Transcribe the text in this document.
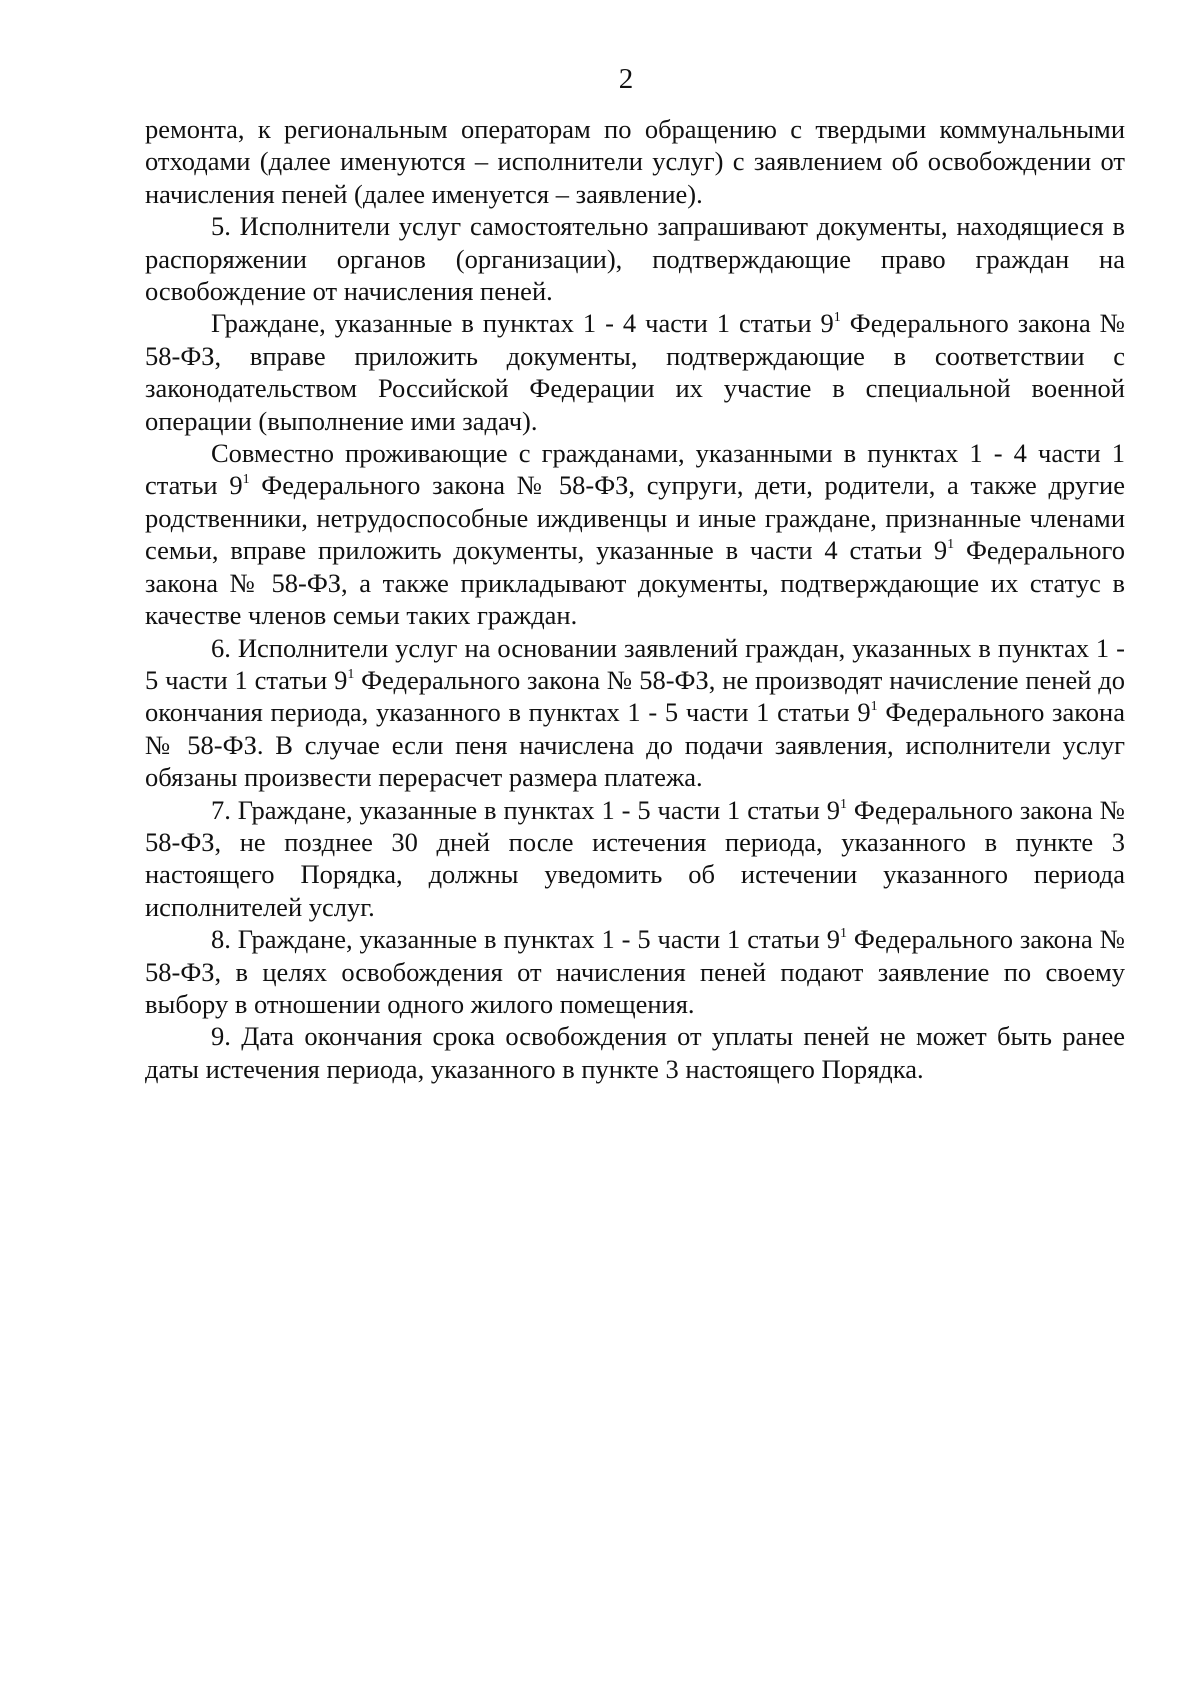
2

ремонта, к региональным операторам по обращению с твердыми коммунальными отходами (далее именуются – исполнители услуг) с заявлением об освобождении от начисления пеней (далее именуется – заявление).

5. Исполнители услуг самостоятельно запрашивают документы, находящиеся в распоряжении органов (организации), подтверждающие право граждан на освобождение от начисления пеней.

Граждане, указанные в пунктах 1 - 4 части 1 статьи $9^1$ Федерального закона № 58-ФЗ, вправе приложить документы, подтверждающие в соответствии с законодательством Российской Федерации их участие в специальной военной операции (выполнение ими задач).

Совместно проживающие с гражданами, указанными в пунктах 1 - 4 части 1 статьи $9^1$ Федерального закона № 58-ФЗ, супруги, дети, родители, а также другие родственники, нетрудоспособные иждивенцы и иные граждане, признанные членами семьи, вправе приложить документы, указанные в части 4 статьи $9^1$ Федерального закона № 58-ФЗ, а также прикладывают документы, подтверждающие их статус в качестве членов семьи таких граждан.

6. Исполнители услуг на основании заявлений граждан, указанных в пунктах 1 - 5 части 1 статьи $9^1$ Федерального закона № 58-ФЗ, не производят начисление пеней до окончания периода, указанного в пунктах 1 - 5 части 1 статьи $9^1$ Федерального закона № 58-ФЗ. В случае если пеня начислена до подачи заявления, исполнители услуг обязаны произвести перерасчет размера платежа.

7. Граждане, указанные в пунктах 1 - 5 части 1 статьи $9^1$ Федерального закона № 58-ФЗ, не позднее 30 дней после истечения периода, указанного в пункте 3 настоящего Порядка, должны уведомить об истечении указанного периода исполнителей услуг.

8. Граждане, указанные в пунктах 1 - 5 части 1 статьи $9^1$ Федерального закона № 58-ФЗ, в целях освобождения от начисления пеней подают заявление по своему выбору в отношении одного жилого помещения.

9. Дата окончания срока освобождения от уплаты пеней не может быть ранее даты истечения периода, указанного в пункте 3 настоящего Порядка.
